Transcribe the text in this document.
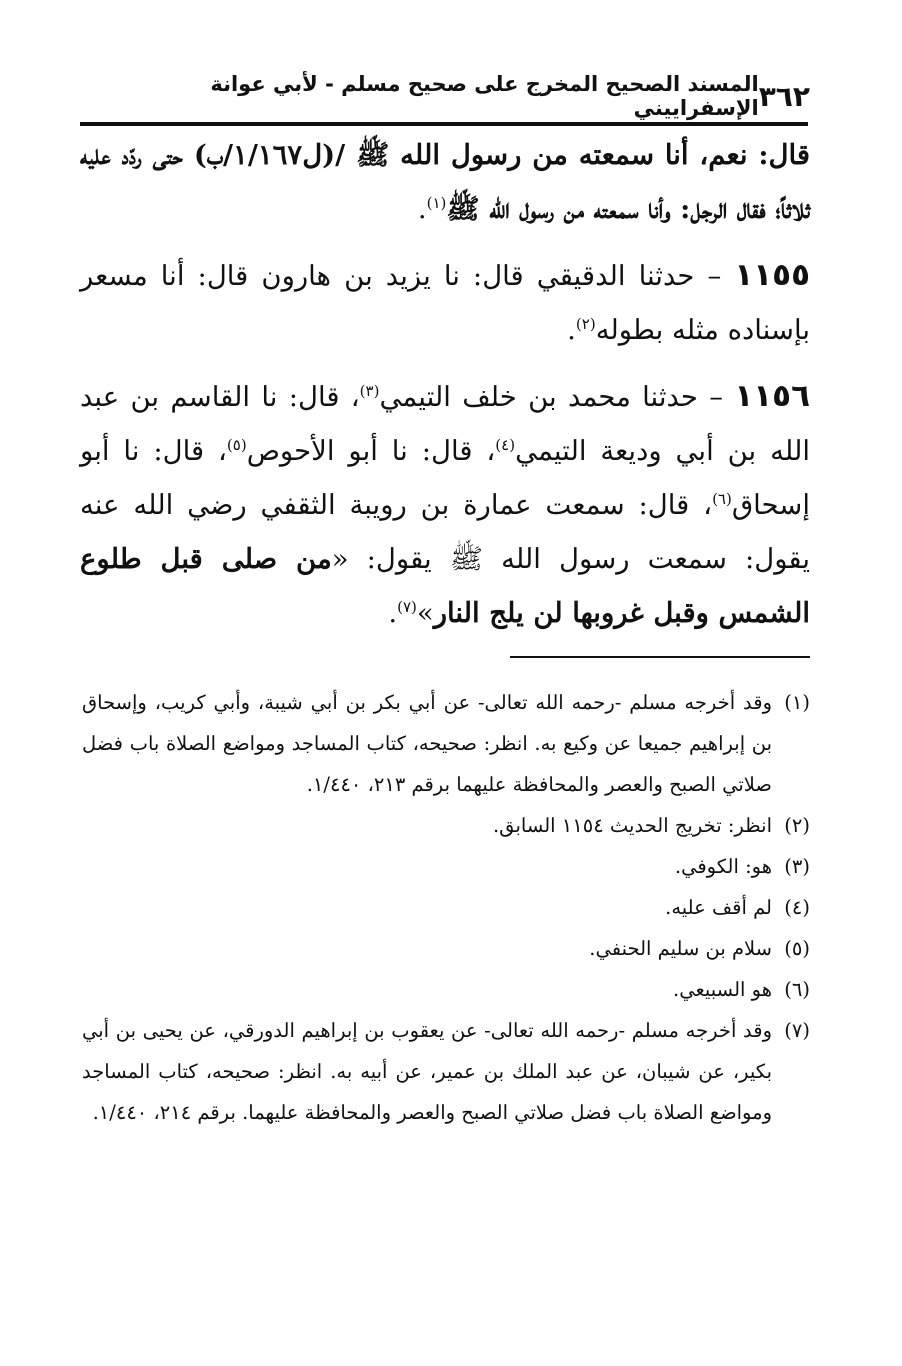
٣٦٢
المسند الصحيح المخرج على صحيح مسلم - لأبي عوانة الإسفراييني

قال: نعم، أنا سمعته من رسول الله ﷺ /(ل١/١٦٧/ب) حتى ردّد عليه ثلاثاً؛ فقال الرجل: وأنا سمعته من رسول الله ﷺ$^{(١)}$.

١١٥٥ – حدثنا الدقيقي قال: نا يزيد بن هارون قال: أنا مسعر بإسناده مثله بطوله$^{(٢)}$.

١١٥٦ – حدثنا محمد بن خلف التيمي$^{(٣)}$، قال: نا القاسم بن عبد الله بن أبي وديعة التيمي$^{(٤)}$، قال: نا أبو الأحوص$^{(٥)}$، قال: نا أبو إسحاق$^{(٦)}$، قال: سمعت عمارة بن رويبة الثقفي رضي الله عنه يقول: سمعت رسول الله ﷺ يقول: «من صلى قبل طلوع الشمس وقبل غروبها لن يلج النار»$^{(٧)}$.

(١)
وقد أخرجه مسلم -رحمه الله تعالى- عن أبي بكر بن أبي شيبة، وأبي كريب، وإسحاق بن إبراهيم جميعا عن وكيع به. انظر: صحيحه، كتاب المساجد ومواضع الصلاة باب فضل صلاتي الصبح والعصر والمحافظة عليهما برقم ٢١٣، ١/٤٤٠.
(٢)
انظر: تخريج الحديث ١١٥٤ السابق.
(٣)
هو: الكوفي.
(٤)
لم أقف عليه.
(٥)
سلام بن سليم الحنفي.
(٦)
هو السبيعي.
(٧)
وقد أخرجه مسلم -رحمه الله تعالى- عن يعقوب بن إبراهيم الدورقي، عن يحيى بن أبي بكير، عن شيبان، عن عبد الملك بن عمير، عن أبيه به. انظر: صحيحه، كتاب المساجد ومواضع الصلاة باب فضل صلاتي الصبح والعصر والمحافظة عليهما. برقم ٢١٤، ١/٤٤٠.
